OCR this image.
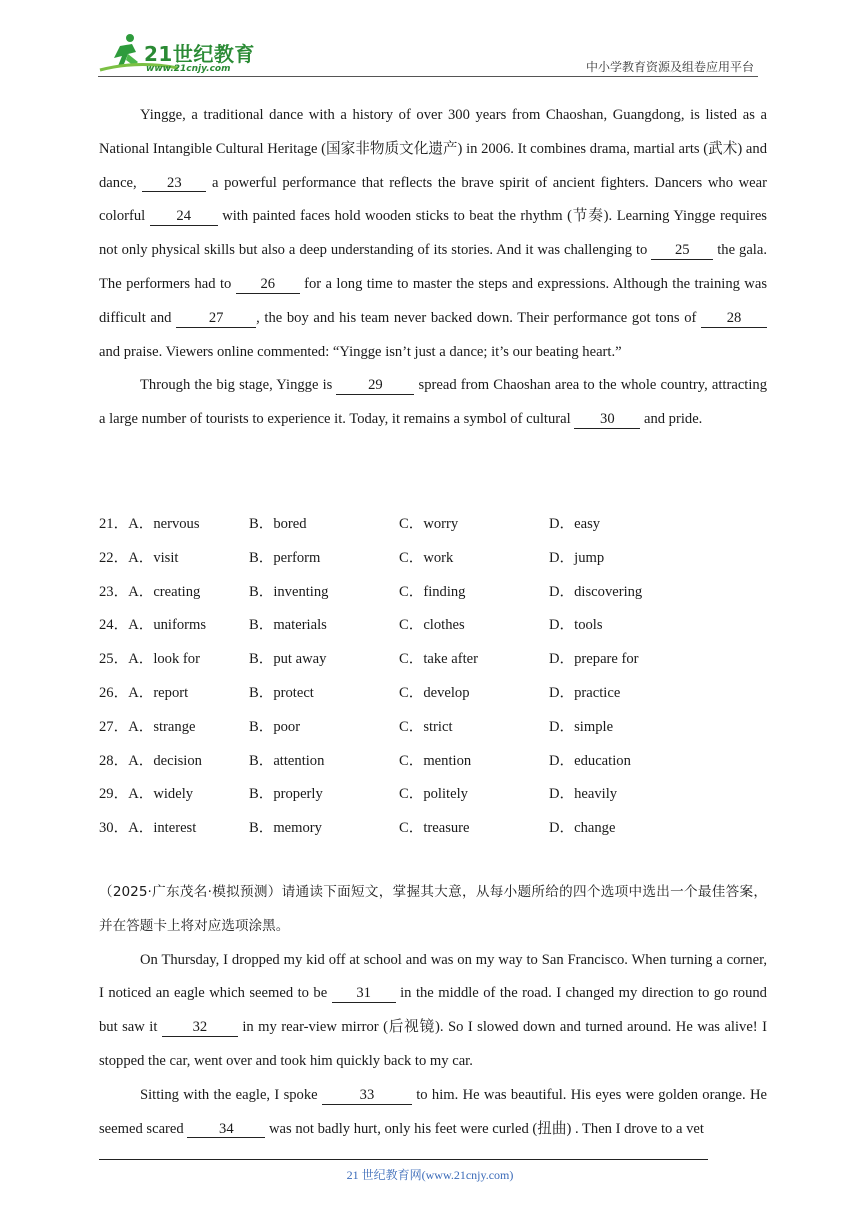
21世纪教育
www.21cnjy.com	中小学教育资源及组卷应用平台

Yingge, a traditional dance with a history of over 300 years from Chaoshan, Guangdong, is listed as a National Intangible Cultural Heritage (国家非物质文化遗产) in 2006. It combines drama, martial arts (武术) and dance, 23 a powerful performance that reflects the brave spirit of ancient fighters. Dancers who wear colorful 24 with painted faces hold wooden sticks to beat the rhythm (节奏). Learning Yingge requires not only physical skills but also a deep understanding of its stories. And it was challenging to 25 the gala. The performers had to 26 for a long time to master the steps and expressions. Although the training was difficult and 27 , the boy and his team never backed down. Their performance got tons of 28 and praise. Viewers online commented: “Yingge isn’t just a dance; it’s our beating heart.”

Through the big stage, Yingge is 29 spread from Chaoshan area to the whole country, attracting a large number of tourists to experience it. Today, it remains a symbol of cultural 30 and pride.

21．A．nervous	B．bored	C．worry	D．easy
22．A．visit	B．perform	C．work	D．jump
23．A．creating	B．inventing	C．finding	D．discovering
24．A．uniforms	B．materials	C．clothes	D．tools
25．A．look for	B．put away	C．take after	D．prepare for
26．A．report	B．protect	C．develop	D．practice
27．A．strange	B．poor	C．strict	D．simple
28．A．decision	B．attention	C．mention	D．education
29．A．widely	B．properly	C．politely	D．heavily
30．A．interest	B．memory	C．treasure	D．change

（2025·广东茂名·模拟预测）请通读下面短文，掌握其大意，从每小题所给的四个选项中选出一个最佳答案，并在答题卡上将对应选项涂黑。

On Thursday, I dropped my kid off at school and was on my way to San Francisco. When turning a corner, I noticed an eagle which seemed to be 31 in the middle of the road. I changed my direction to go round but saw it 32 in my rear-view mirror (后视镜). So I slowed down and turned around. He was alive! I stopped the car, went over and took him quickly back to my car.

Sitting with the eagle, I spoke	33	to him. He was beautiful. His eyes were golden orange. He seemed scared 34 was not badly hurt, only his feet were curled (扭曲) . Then I drove to a vet

21 世纪教育网(www.21cnjy.com)
